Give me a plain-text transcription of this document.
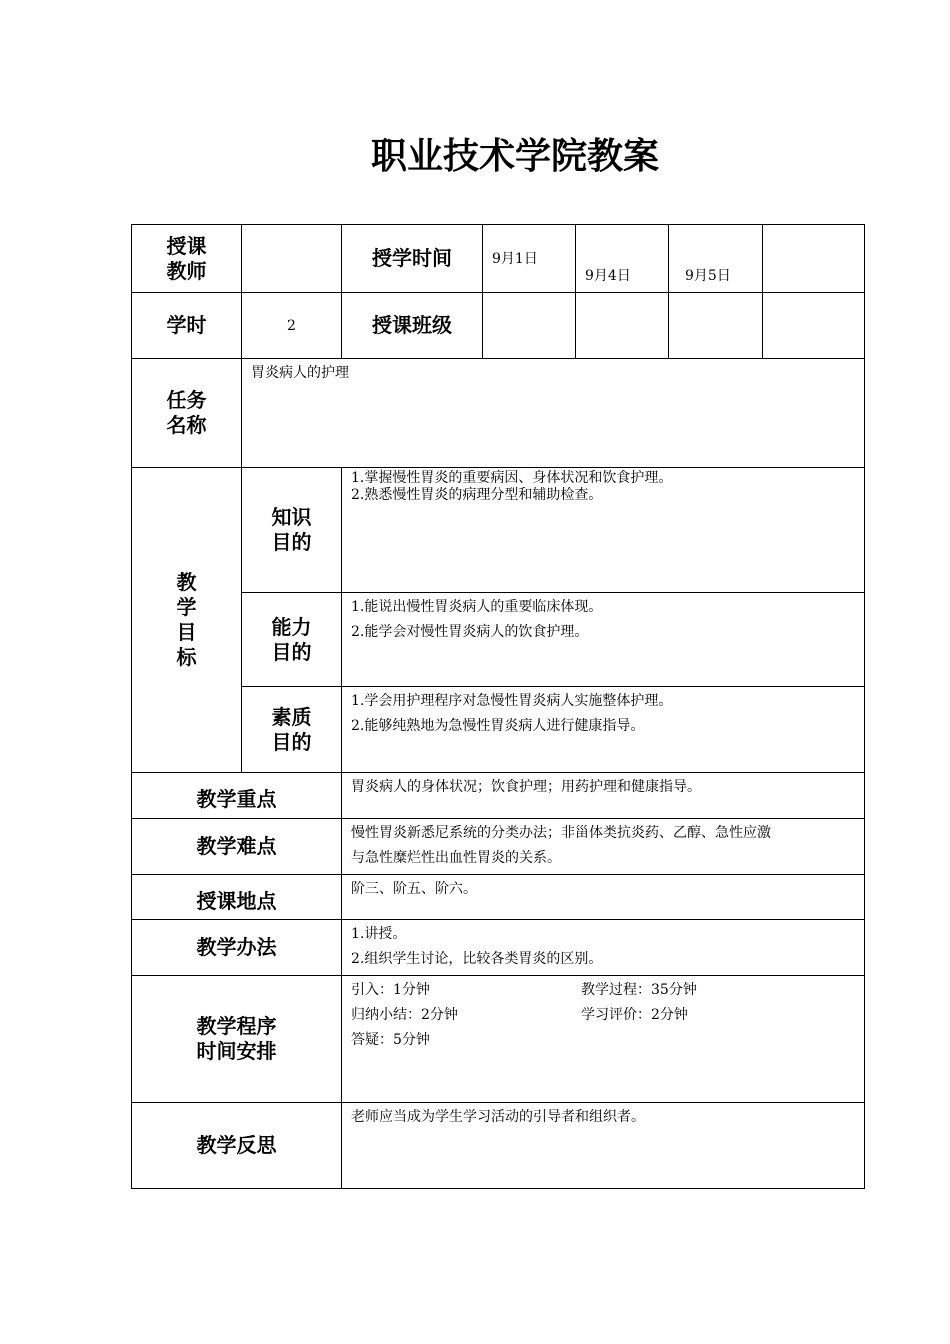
职业技术学院教案
授课教师		授学时间	9月1日	9月4日	9月5日	

学时	2	授课班级				

任务名称	胃炎病人的护理					

教学目标	知识目的	1.掌握慢性胃炎的重要病因、身体状况和饮食护理。
2.熟悉慢性胃炎的病理分型和辅助检查。				

	能力目的	1.能说出慢性胃炎病人的重要临床体现。
2.能学会对慢性胃炎病人的饮食护理。				

	素质目的	1.学会用护理程序对急慢性胃炎病人实施整体护理。
2.能够纯熟地为急慢性胃炎病人进行健康指导。				

教学重点		胃炎病人的身体状况；饮食护理；用药护理和健康指导。				
教学难点		慢性胃炎新悉尼系统的分类办法；非甾体类抗炎药、乙醇、急性应激
与急性糜烂性出血性胃炎的关系。				

授课地点		阶三、阶五、阶六。				
教学办法		1.讲授。
2.组织学生讨论，比较各类胃炎的区别。				

教学程序时间安排		引入：1分钟 教学过程：35分钟
归纳小结：2分钟 学习评价：2分钟
答疑：5分钟				

教学反思		老师应当成为学生学习活动的引导者和组织者。				
